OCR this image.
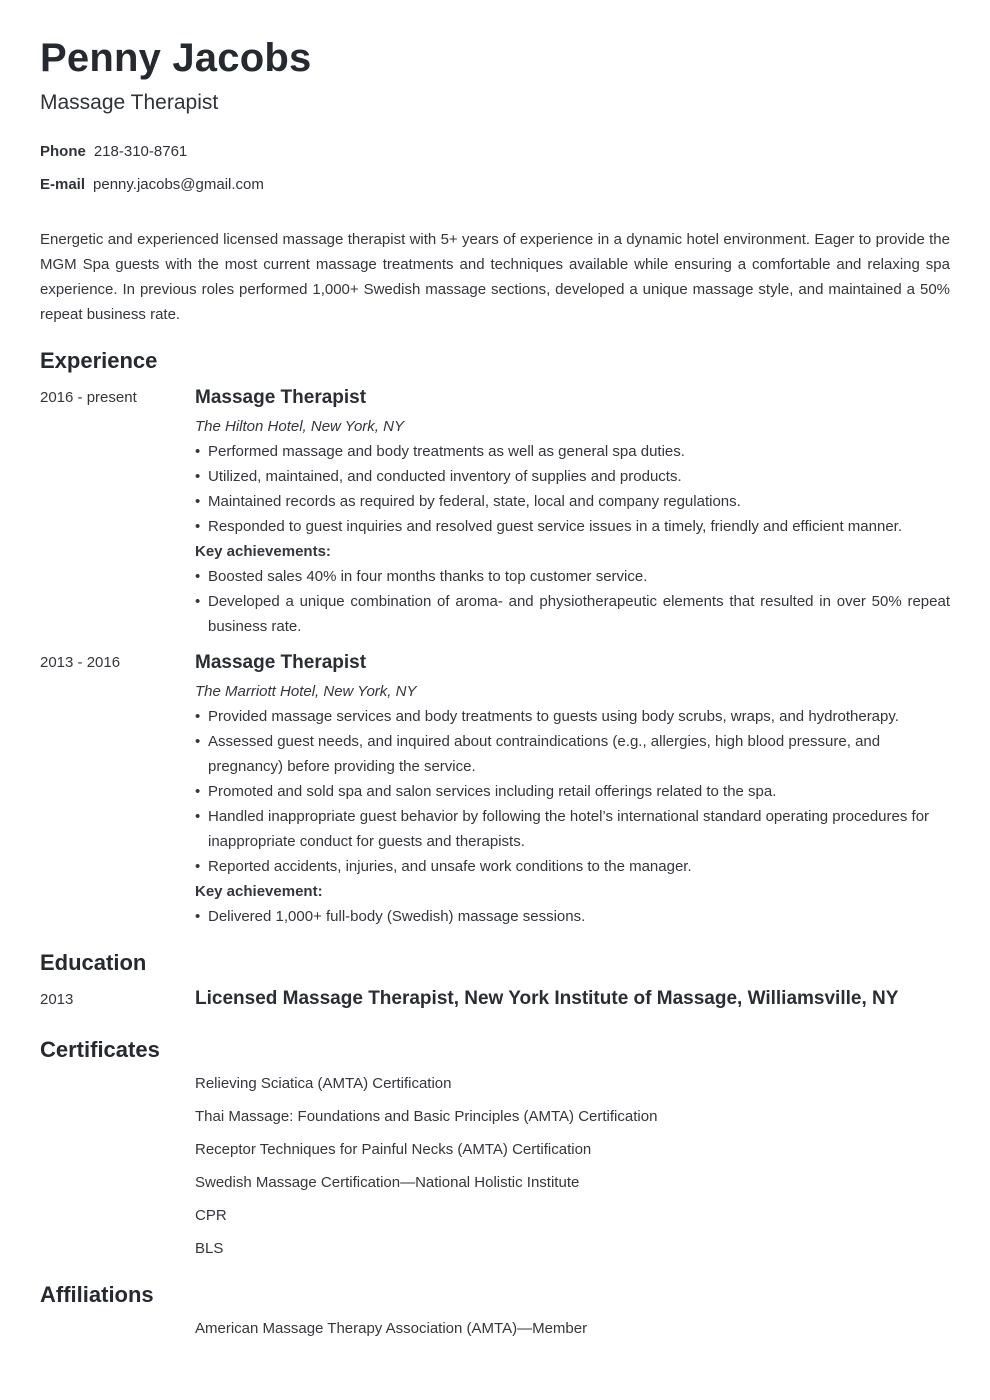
Penny Jacobs
Massage Therapist
Phone 218-310-8761
E-mail penny.jacobs@gmail.com

Energetic and experienced licensed massage therapist with 5+ years of experience in a dynamic hotel environment. Eager to provide the MGM Spa guests with the most current massage treatments and techniques available while ensuring a comfortable and relaxing spa experience. In previous roles performed 1,000+ Swedish massage sections, developed a unique massage style, and maintained a 50% repeat business rate.

Experience
2016 - present	Massage Therapist
The Hilton Hotel, New York, NY
• Performed massage and body treatments as well as general spa duties.
• Utilized, maintained, and conducted inventory of supplies and products.
• Maintained records as required by federal, state, local and company regulations.
• Responded to guest inquiries and resolved guest service issues in a timely, friendly and efficient manner.
Key achievements:
• Boosted sales 40% in four months thanks to top customer service.
• Developed a unique combination of aroma- and physiotherapeutic elements that resulted in over 50% repeat business rate.
2013 - 2016	Massage Therapist
The Marriott Hotel, New York, NY
• Provided massage services and body treatments to guests using body scrubs, wraps, and hydrotherapy.
• Assessed guest needs, and inquired about contraindications (e.g., allergies, high blood pressure, and pregnancy) before providing the service.
• Promoted and sold spa and salon services including retail offerings related to the spa.
• Handled inappropriate guest behavior by following the hotel’s international standard operating procedures for inappropriate conduct for guests and therapists.
• Reported accidents, injuries, and unsafe work conditions to the manager.
Key achievement:
• Delivered 1,000+ full-body (Swedish) massage sessions.
Education
2013	Licensed Massage Therapist, New York Institute of Massage, Williamsville, NY
Certificates
Relieving Sciatica (AMTA) Certification
Thai Massage: Foundations and Basic Principles (AMTA) Certification
Receptor Techniques for Painful Necks (AMTA) Certification
Swedish Massage Certification—National Holistic Institute
CPR
BLS
Affiliations
American Massage Therapy Association (AMTA)—Member
